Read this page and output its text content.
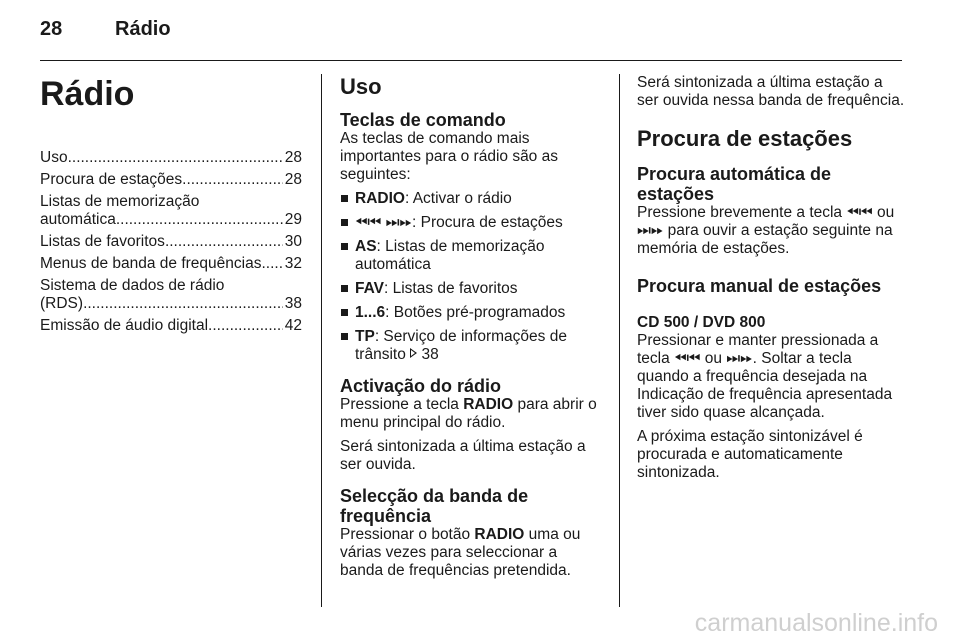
28	Rádio
Rádio
Uso .....	28
Procura de estações .....	28
Listas de memorização
automática .....	29
Listas de favoritos .....	30
Menus de banda de frequências ..... 32
Sistema de dados de rádio
(RDS) .....	38
Emissão de áudio digital .....	42
Uso
Teclas de comando

As teclas de comando mais importantes para o rádio são as seguintes:

RADIO: Activar o rádio
⏪︎⏮︎ ⏭︎⏩︎: Procura de estações
AS: Listas de memorização automática
FAV: Listas de favoritos
1...6: Botões pré-programados
TP: Serviço de informações de trânsito 38
Activação do rádio

Pressione a tecla RADIO para abrir o menu principal do rádio.

Será sintonizada a última estação a ser ouvida.

Selecção da banda de frequência

Pressionar o botão RADIO uma ou várias vezes para seleccionar a banda de frequências pretendida.

Será sintonizada a última estação a ser ouvida nessa banda de frequência.

Procura de estações
Procura automática de estações

Pressione brevemente a tecla ⏪︎⏮︎ ou ⏭︎⏩︎ para ouvir a estação seguinte na memória de estações.

Procura manual de estações
CD 500 / DVD 800

Pressionar e manter pressionada a tecla ⏪︎⏮︎ ou ⏭︎⏩︎. Soltar a tecla quando a frequência desejada na Indicação de frequência apresentada tiver sido quase alcançada.

A próxima estação sintonizável é procurada e automaticamente sintonizada.

carmanualsonline.info
